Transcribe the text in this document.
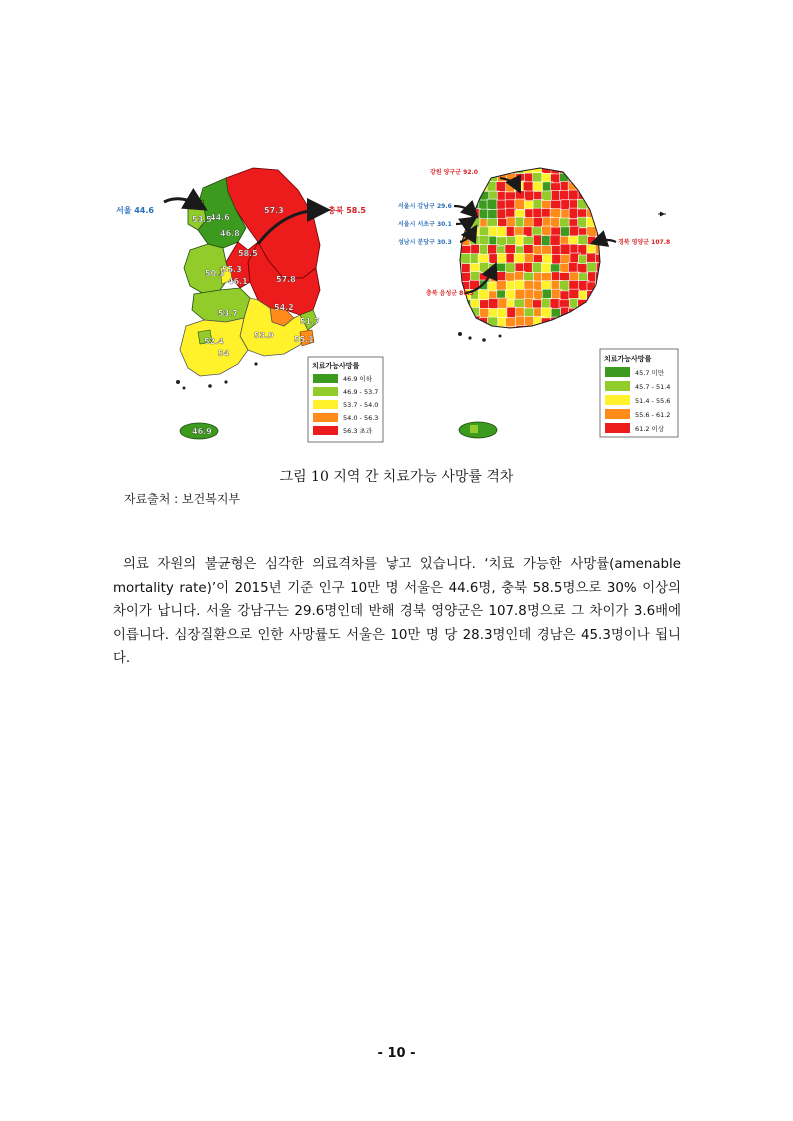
57.3
53.5
44.6
46.8
58.5
50.3
55.3
46.1	57.8
54.2
51.7
53.7
53.9	55.1
52.4
54
46.9
서울 44.6	충북 58.5
치료가능사망률
46.9 이하
46.9 - 53.7
53.7 - 54.0
54.0 - 56.3
56.3 초과
강원 양구군 92.0
서울시 강남구 29.6
서울시 서초구 30.1
성남시 분당구 30.3	경북 영양군 107.8
충북 음성군 86.3
치료가능사망률
45.7 미만
45.7 - 51.4
51.4 - 55.6
55.6 - 61.2
61.2 이상
그림 10 지역 간 치료가능 사망률 격차
자료출처 : 보건복지부

의료 자원의 불균형은 심각한 의료격차를 낳고 있습니다. ‘치료 가능한 사망률(amenable mortality rate)’이 2015년 기준 인구 10만 명 서울은 44.6명, 충북 58.5명으로 30% 이상의 차이가 납니다. 서울 강남구는 29.6명인데 반해 경북 영양군은 107.8명으로 그 차이가 3.6배에 이릅니다. 심장질환으로 인한 사망률도 서울은 10만 명 당 28.3명인데 경남은 45.3명이나 됩니다.

- 10 -
